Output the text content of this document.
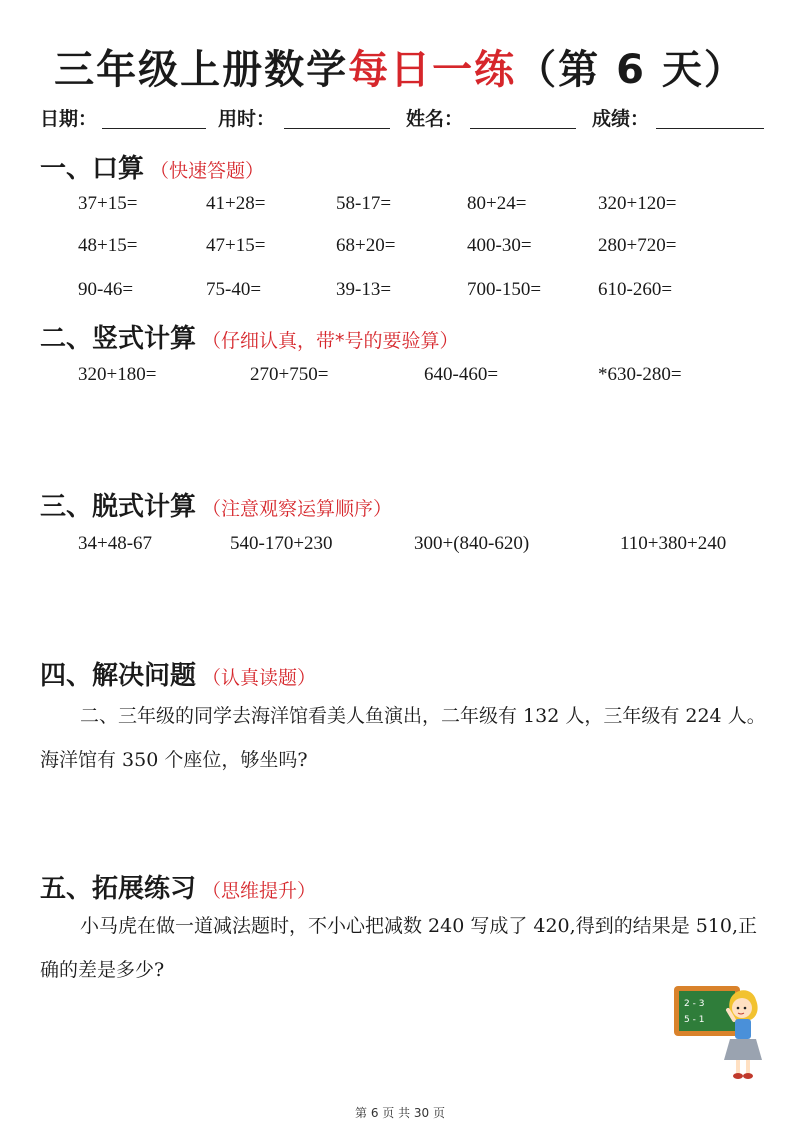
三年级上册数学每日一练（第 6 天）
日期：	用时：	姓名：	成绩：
一、口算 （快速答题）
37+15=	41+28=	58-17=	80+24=	320+120=
48+15=	47+15=	68+20=	400-30=	280+720=
90-46=	75-40=	39-13=	700-150=	610-260=
二、竖式计算 （仔细认真，带*号的要验算）
320+180=	270+750=	640-460=	*630-280=
三、脱式计算 （注意观察运算顺序）
34+48-67	540-170+230	300+(840-620)	110+380+240
四、解决问题 （认真读题）
二、三年级的同学去海洋馆看美人鱼演出，二年级有 132 人，三年级有 224 人。海洋馆有 350 个座位，够坐吗?
五、拓展练习 （思维提升）
小马虎在做一道减法题时，不小心把减数 240 写成了 420,得到的结果是 510,正确的差是多少?
2 - 3
5 - 1
第 6 页 共 30 页
